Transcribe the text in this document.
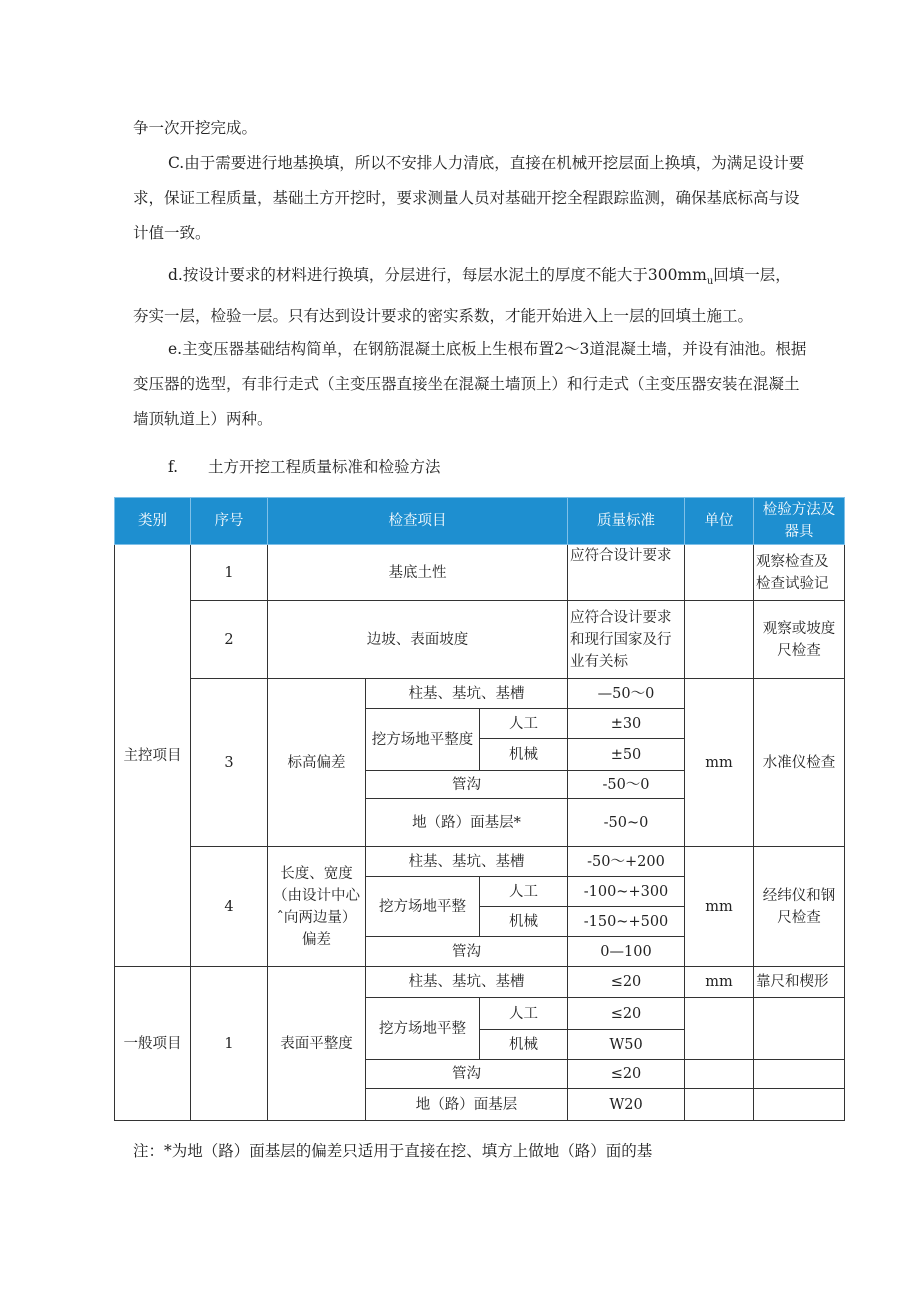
争一次开挖完成。
C.由于需要进行地基换填，所以不安排人力清底，直接在机械开挖层面上换填，为满足设计要
求，保证工程质量，基础土方开挖时，要求测量人员对基础开挖全程跟踪监测，确保基底标高与设
计值一致。
d.按设计要求的材料进行换填，分层进行，每层水泥土的厚度不能大于$300mm_u$回填一层，
夯实一层，检验一层。只有达到设计要求的密实系数，才能开始进入上一层的回填土施工。
e.主变压器基础结构简单，在钢筋混凝土底板上生根布置2～3道混凝土墙，并设有油池。根据
变压器的选型，有非行走式（主变压器直接坐在混凝土墙顶上）和行走式（主变压器安装在混凝土
墙顶轨道上）两种。
f. 土方开挖工程质量标准和检验方法
类别	序号	检查项目			质量标准	单位	检验方法及器具
主控项目	1	基底土性			应符合设计要求		观察检查及检查试验记
	2	边坡、表面坡度			应符合设计要求和现行国家及行业有关标		观察或坡度尺检查
	3	标高偏差	柱基、基坑、基槽		—50～0	mm	水准仪检查
			挖方场地平整度	人工	±30		
				机械	±50		
			管沟		-50～0		
			地（路）面基层*		-50~0		
	4	长度、宽度（由设计中心ˆ向两边量）偏差	柱基、基坑、基槽		-50～+200	mm	经纬仪和钢尺检查
			挖方场地平整	人工	-100~+300		
				机械	-150~+500		
			管沟		0—100		
一般项目	1	表面平整度	柱基、基坑、基槽		≤20	mm	靠尺和楔形
			挖方场地平整	人工	≤20		
				机械	W50		
			管沟		≤20		
			地（路）面基层		W20		
注：*为地（路）面基层的偏差只适用于直接在挖、填方上做地（路）面的基
